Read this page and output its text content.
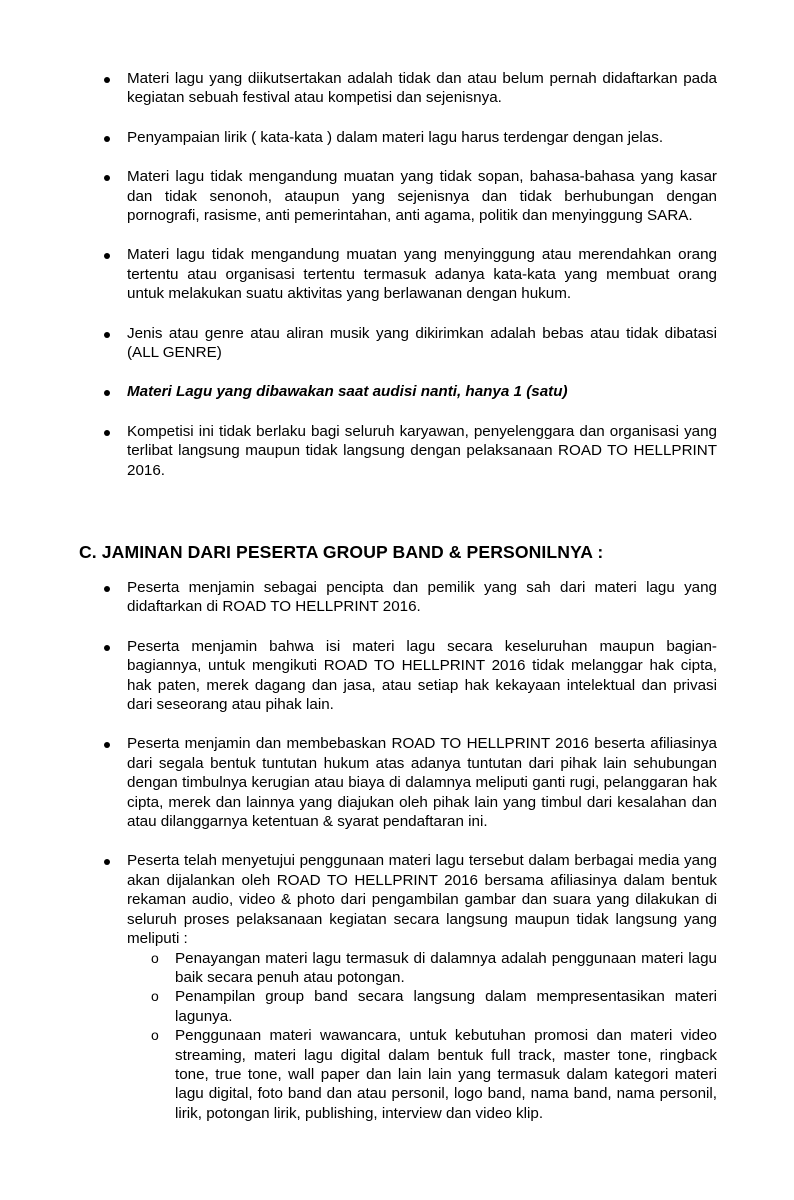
Materi lagu yang diikutsertakan adalah tidak dan atau belum pernah didaftarkan pada kegiatan sebuah festival atau kompetisi dan sejenisnya.
Penyampaian lirik ( kata-kata ) dalam materi lagu harus terdengar dengan jelas.
Materi lagu tidak mengandung muatan yang tidak sopan, bahasa-bahasa yang kasar dan tidak senonoh, ataupun yang sejenisnya dan tidak berhubungan dengan pornografi, rasisme, anti pemerintahan, anti agama, politik dan menyinggung SARA.
Materi lagu tidak mengandung muatan yang menyinggung atau merendahkan orang tertentu atau organisasi tertentu termasuk adanya kata-kata yang membuat orang untuk melakukan suatu aktivitas yang berlawanan dengan hukum.
Jenis atau genre atau aliran musik yang dikirimkan adalah bebas atau tidak dibatasi (ALL GENRE)
Materi Lagu yang dibawakan saat audisi nanti, hanya 1 (satu)
Kompetisi ini tidak berlaku bagi seluruh karyawan, penyelenggara dan organisasi yang terlibat langsung maupun tidak langsung dengan pelaksanaan ROAD TO HELLPRINT 2016.
C. JAMINAN DARI PESERTA GROUP BAND & PERSONILNYA :
Peserta menjamin sebagai pencipta dan pemilik yang sah dari materi lagu yang didaftarkan di ROAD TO HELLPRINT 2016.
Peserta menjamin bahwa isi materi lagu secara keseluruhan maupun bagian-bagiannya, untuk mengikuti ROAD TO HELLPRINT 2016 tidak melanggar hak cipta, hak paten, merek dagang dan jasa, atau setiap hak kekayaan intelektual dan privasi dari seseorang atau pihak lain.
Peserta menjamin dan membebaskan ROAD TO HELLPRINT 2016 beserta afiliasinya dari segala bentuk tuntutan hukum atas adanya tuntutan dari pihak lain sehubungan dengan timbulnya kerugian atau biaya di dalamnya meliputi ganti rugi, pelanggaran hak cipta, merek dan lainnya yang diajukan oleh pihak lain yang timbul dari kesalahan dan atau dilanggarnya ketentuan & syarat pendaftaran ini.
Peserta telah menyetujui penggunaan materi lagu tersebut dalam berbagai media yang akan dijalankan oleh ROAD TO HELLPRINT 2016 bersama afiliasinya dalam bentuk rekaman audio, video & photo dari pengambilan gambar dan suara yang dilakukan di seluruh proses pelaksanaan kegiatan secara langsung maupun tidak langsung yang meliputi :
o Penayangan materi lagu termasuk di dalamnya adalah penggunaan materi lagu baik secara penuh atau potongan.
o Penampilan group band secara langsung dalam mempresentasikan materi lagunya.
o Penggunaan materi wawancara, untuk kebutuhan promosi dan materi video streaming, materi lagu digital dalam bentuk full track, master tone, ringback tone, true tone, wall paper dan lain lain yang termasuk dalam kategori materi lagu digital, foto band dan atau personil, logo band, nama band, nama personil, lirik, potongan lirik, publishing, interview dan video klip.
